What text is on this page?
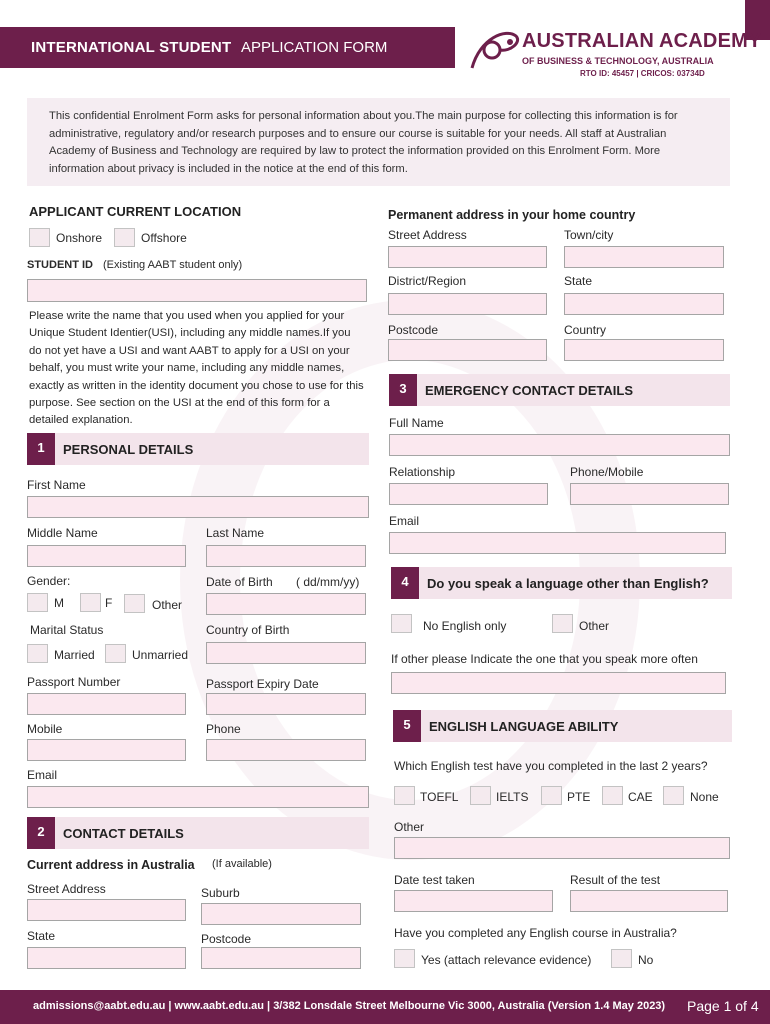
INTERNATIONAL STUDENT APPLICATION FORM	AUSTRALIAN ACADEMY
OF BUSINESS & TECHNOLOGY, AUSTRALIA
RTO ID: 45457 | CRICOS: 03734D
This confidential Enrolment Form asks for personal information about you.The main purpose for collecting this information is for administrative, regulatory and/or research purposes and to ensure our course is suitable for your needs. All staff at Australian Academy of Business and Technology are required by law to protect the information provided on this Enrolment Form. More information about privacy is included in the notice at the end of this form.
APPLICANT CURRENT LOCATION
Onshore	Offshore
STUDENT ID (Existing AABT student only)
Please write the name that you used when you applied for your Unique Student Identier(USI), including any middle names.If you do not yet have a USI and want AABT to apply for a USI on your behalf, you must write your name, including any middle names, exactly as written in the identity document you chose to use for this purpose. See section on the USI at the end of this form for a detailed explanation.
1	PERSONAL DETAILS
First Name
Middle Name	Last Name
Gender:
M	F	Other
Date of Birth ( dd/mm/yy)
Marital Status	Country of Birth
Married	Unmarried
Passport Number	Passport Expiry Date
Mobile	Phone
Email
2	CONTACT DETAILS
Current address in Australia (If available)
Street Address	Suburb
State	Postcode
Permanent address in your home country
Street Address	Town/city
District/Region	State
Postcode	Country
3	EMERGENCY CONTACT DETAILS
Full Name
Relationship	Phone/Mobile
Email
4	Do you speak a language other than English?
No English only	Other
If other please Indicate the one that you speak more often
5	ENGLISH LANGUAGE ABILITY
Which English test have you completed in the last 2 years?
TOEFL	IELTS	PTE	CAE	None
Other
Date test taken	Result of the test
Have you completed any English course in Australia?
Yes (attach relevance evidence)	No
admissions@aabt.edu.au | www.aabt.edu.au | 3/382 Lonsdale Street Melbourne Vic 3000, Australia (Version 1.4 May 2023) Page 1 of 4
